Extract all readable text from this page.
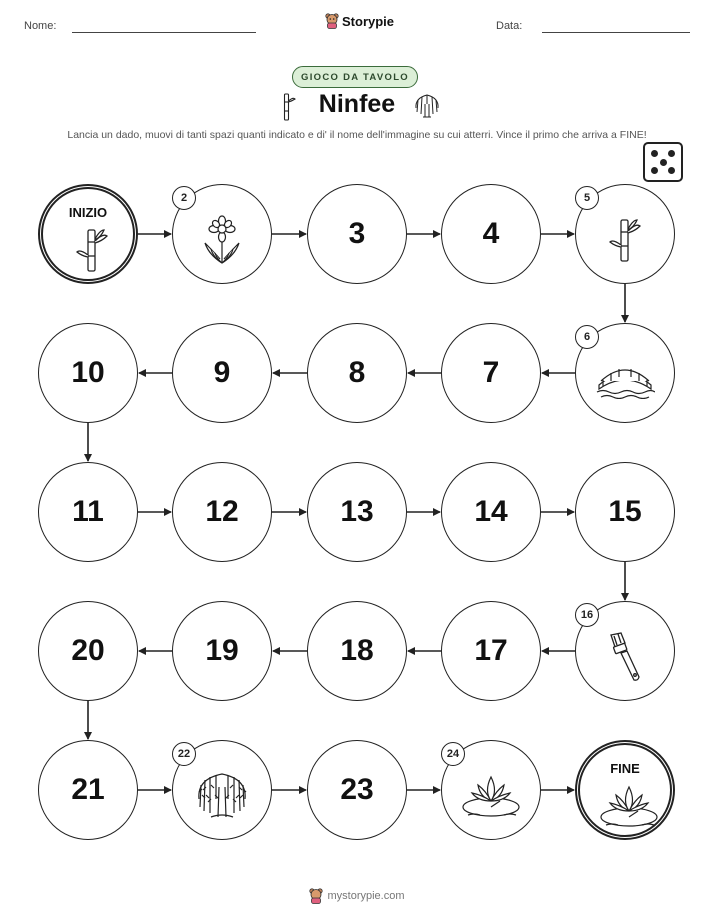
Nome:	Storypie	Data:
GIOCO DA TAVOLO
Ninfee
Lancia un dado, muovi di tanti spazi quanti indicato e di' il nome dell'immagine su cui atterri. Vince il primo che arriva a FINE!
INIZIO
2
3	4
5
6
7
8
9
10
11	12	13	14	15
16
17
18
19
20
21
22
23
24
FINE
mystorypie.com
